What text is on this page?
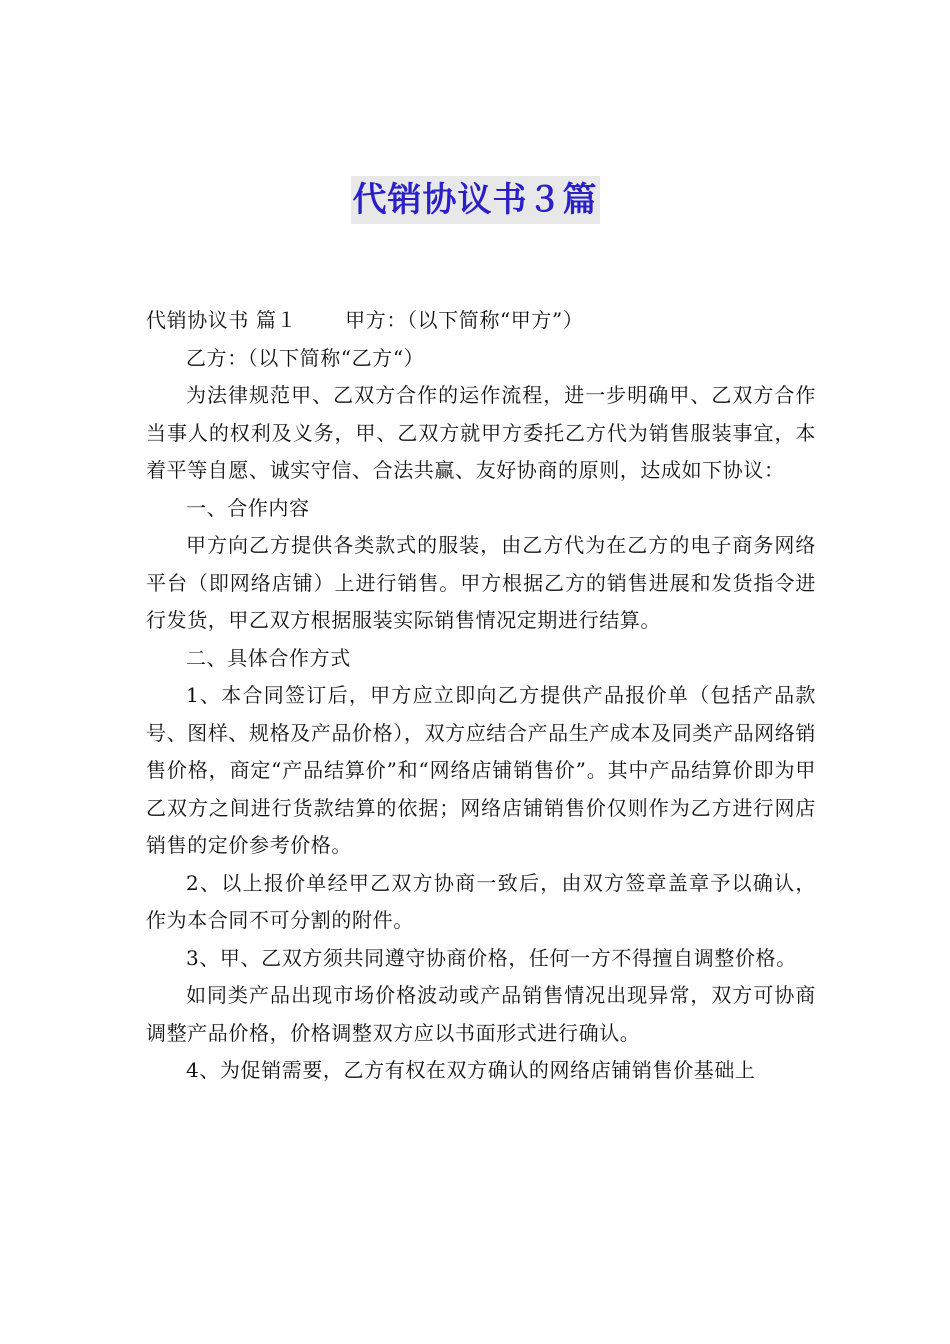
代销协议书３篇

代销协议书 篇１ 甲方：（以下简称“甲方”）

乙方：（以下简称“乙方“）

为法律规范甲、乙双方合作的运作流程，进一步明确甲、乙双方合作当事人的权利及义务，甲、乙双方就甲方委托乙方代为销售服装事宜，本着平等自愿、诚实守信、合法共赢、友好协商的原则，达成如下协议：

一、合作内容

甲方向乙方提供各类款式的服装，由乙方代为在乙方的电子商务网络平台（即网络店铺）上进行销售。甲方根据乙方的销售进展和发货指令进行发货，甲乙双方根据服装实际销售情况定期进行结算。

二、具体合作方式

1、本合同签订后，甲方应立即向乙方提供产品报价单（包括产品款号、图样、规格及产品价格），双方应结合产品生产成本及同类产品网络销售价格，商定“产品结算价”和“网络店铺销售价”。其中产品结算价即为甲乙双方之间进行货款结算的依据；网络店铺销售价仅则作为乙方进行网店销售的定价参考价格。

2、以上报价单经甲乙双方协商一致后，由双方签章盖章予以确认，作为本合同不可分割的附件。

3、甲、乙双方须共同遵守协商价格，任何一方不得擅自调整价格。

如同类产品出现市场价格波动或产品销售情况出现异常，双方可协商调整产品价格，价格调整双方应以书面形式进行确认。

4、为促销需要，乙方有权在双方确认的网络店铺销售价基础上
